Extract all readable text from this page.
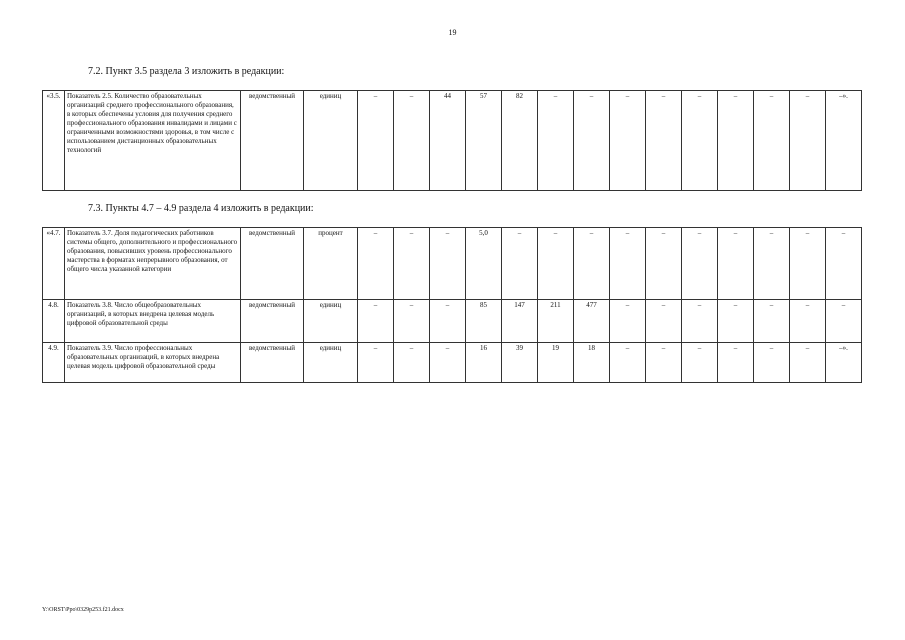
19
7.2. Пункт 3.5 раздела 3 изложить в редакции:
«3.5.	Показатель 2.5. Количество образовательных организаций среднего профессионального образования, в которых обеспечены условия для получения среднего профессионального образования инвалидами и лицами с ограниченными возможностями здоровья, в том числе с использованием дистанционных образовательных технологий	ведомственный	единиц	–	–	44	57	82	–	–	–	–	–	–	–	–	–».
7.3. Пункты 4.7 – 4.9 раздела 4 изложить в редакции:
«4.7.	Показатель 3.7. Доля педагогических работников системы общего, дополнительного и профессионального образования, повысивших уровень профессионального мастерства в форматах непрерывного образования, от общего числа указанной категории	ведомственный	процент	–	–	–	5,0	–	–	–	–	–	–	–	–	–	–
4.8.	Показатель 3.8. Число общеобразовательных организаций, в которых внедрена целевая модель цифровой образовательной среды	ведомственный	единиц	–	–	–	85	147	211	477	–	–	–	–	–	–	–
4.9.	Показатель 3.9. Число профессиональных образовательных организаций, в которых внедрена целевая модель цифровой образовательной среды	ведомственный	единиц	–	–	–	16	39	19	18	–	–	–	–	–	–	–».
Y:\ORST\Ppo\0329p253.f21.docx
